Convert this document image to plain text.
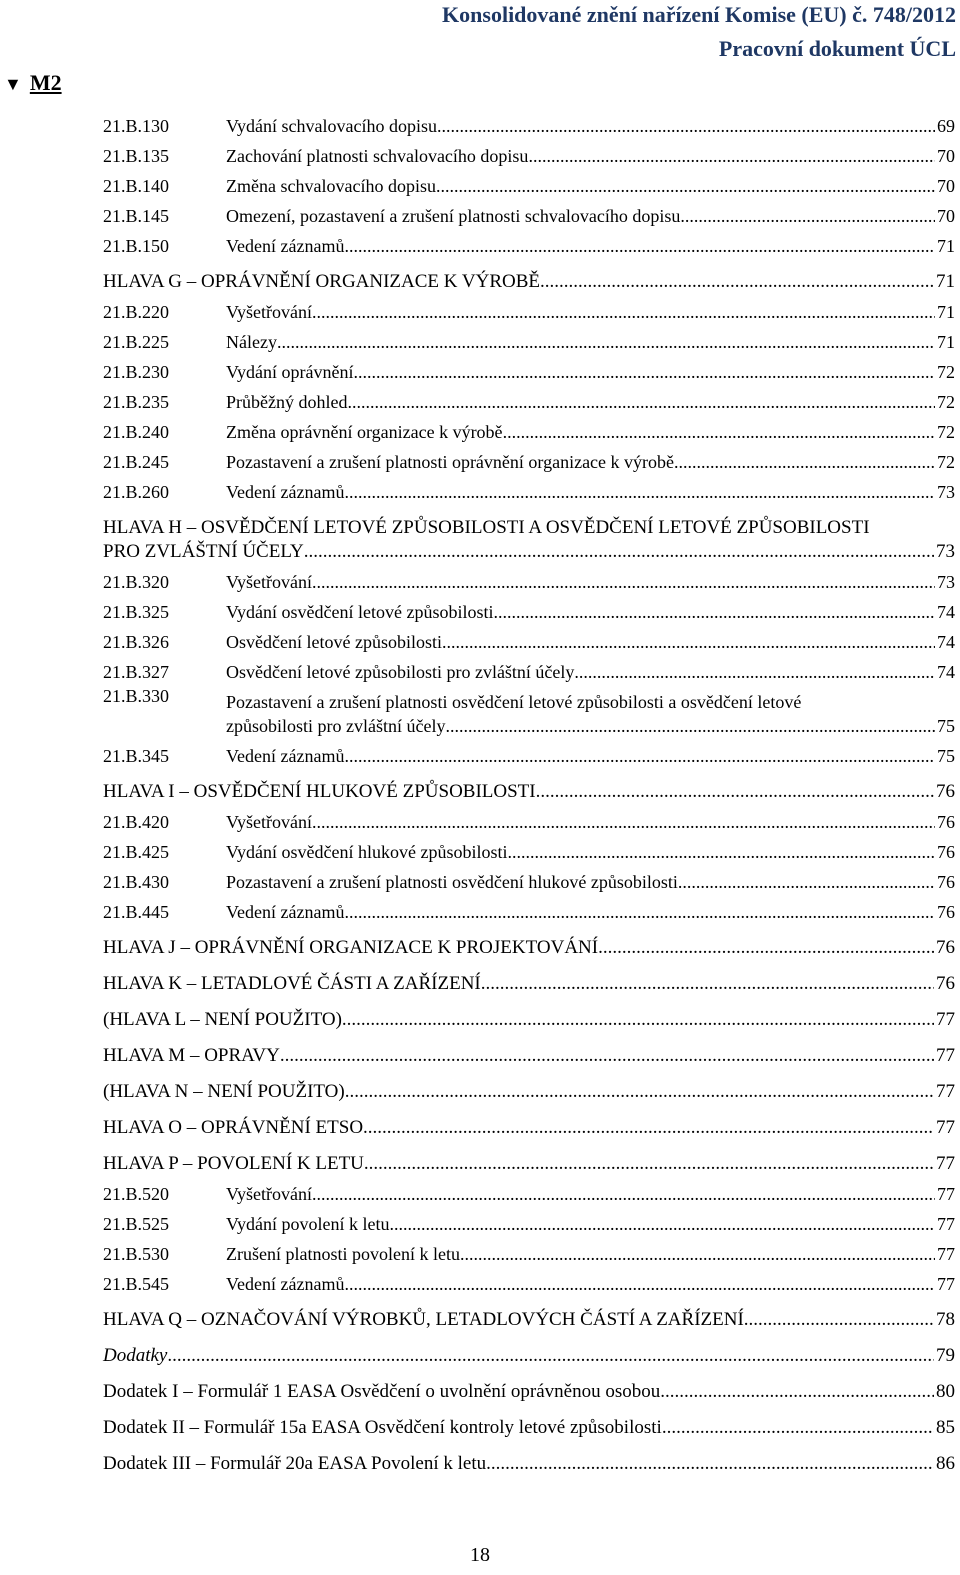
Konsolidované znění nařízení Komise (EU) č. 748/2012
Pracovní dokument ÚCL
▼ M2
21.B.130	Vydání schvalovacího dopisu .....	69
21.B.135	Zachování platnosti schvalovacího dopisu .....	70
21.B.140	Změna schvalovacího dopisu .....	70
21.B.145	Omezení, pozastavení a zrušení platnosti schvalovacího dopisu .....	70
21.B.150	Vedení záznamů .....	71
HLAVA G – OPRÁVNĚNÍ ORGANIZACE K VÝROBĚ .....	71
21.B.220	Vyšetřování .....	71
21.B.225	Nálezy .....	71
21.B.230	Vydání oprávnění .....	72
21.B.235	Průběžný dohled .....	72
21.B.240	Změna oprávnění organizace k výrobě .....	72
21.B.245	Pozastavení a zrušení platnosti oprávnění organizace k výrobě .....	72
21.B.260	Vedení záznamů .....	73
HLAVA H – OSVĚDČENÍ LETOVÉ ZPŮSOBILOSTI A OSVĚDČENÍ LETOVÉ ZPŮSOBILOSTI
PRO ZVLÁŠTNÍ ÚČELY .....	73
21.B.320	Vyšetřování .....	73
21.B.325	Vydání osvědčení letové způsobilosti .....	74
21.B.326	Osvědčení letové způsobilosti .....	74
21.B.327	Osvědčení letové způsobilosti pro zvláštní účely .....	74
21.B.330	Pozastavení a zrušení platnosti osvědčení letové způsobilosti a osvědčení letové
způsobilosti pro zvláštní účely .....	75
21.B.345	Vedení záznamů .....	75
HLAVA I – OSVĚDČENÍ HLUKOVÉ ZPŮSOBILOSTI .....	76
21.B.420	Vyšetřování .....	76
21.B.425	Vydání osvědčení hlukové způsobilosti .....	76
21.B.430	Pozastavení a zrušení platnosti osvědčení hlukové způsobilosti .....	76
21.B.445	Vedení záznamů .....	76
HLAVA J – OPRÁVNĚNÍ ORGANIZACE K PROJEKTOVÁNÍ .....	76
HLAVA K – LETADLOVÉ ČÁSTI A ZAŘÍZENÍ .....	76
(HLAVA L – NENÍ POUŽITO) .....	77
HLAVA M – OPRAVY .....	77
(HLAVA N – NENÍ POUŽITO) .....	77
HLAVA O – OPRÁVNĚNÍ ETSO .....	77
HLAVA P – POVOLENÍ K LETU .....	77
21.B.520	Vyšetřování .....	77
21.B.525	Vydání povolení k letu .....	77
21.B.530	Zrušení platnosti povolení k letu .....	77
21.B.545	Vedení záznamů .....	77
HLAVA Q – OZNAČOVÁNÍ VÝROBKŮ, LETADLOVÝCH ČÁSTÍ A ZAŘÍZENÍ .....	78
Dodatky .....	79
Dodatek I – Formulář 1 EASA Osvědčení o uvolnění oprávněnou osobou .....	80
Dodatek II – Formulář 15a EASA Osvědčení kontroly letové způsobilosti .....	85
Dodatek III – Formulář 20a EASA Povolení k letu .....	86
18
